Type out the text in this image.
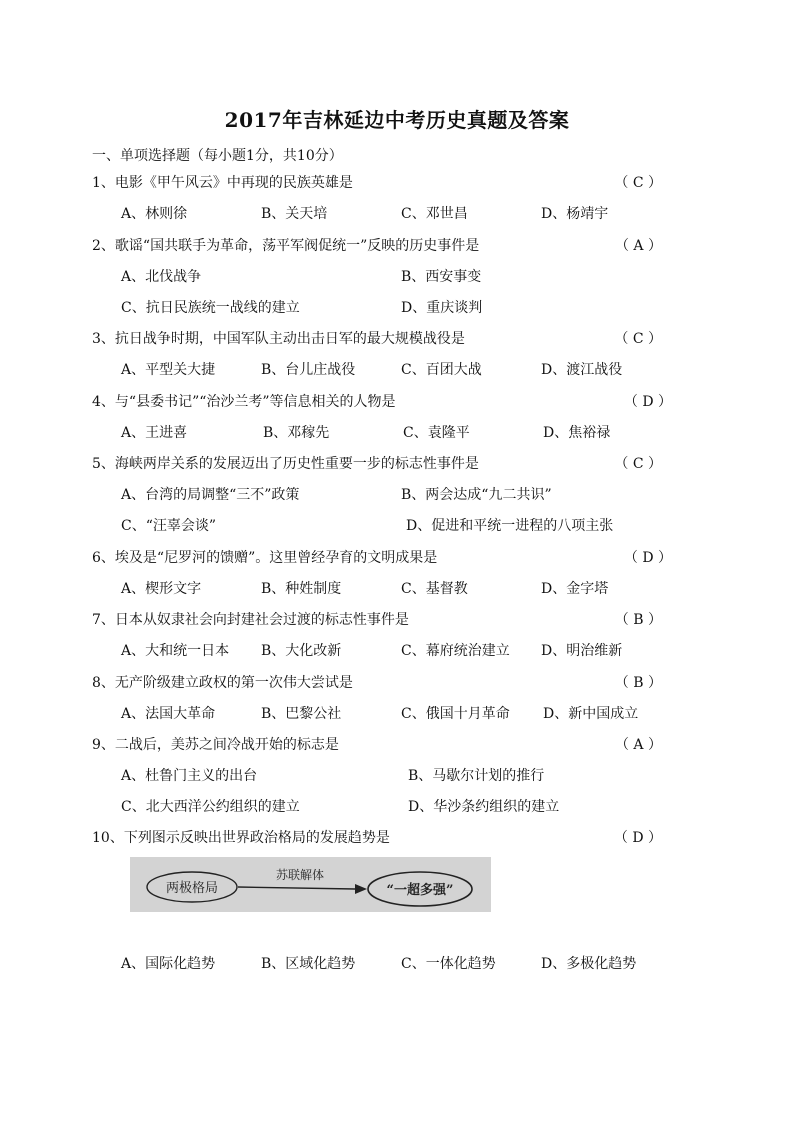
2017年吉林延边中考历史真题及答案
一、单项选择题（每小题1分，共10分）
1、电影《甲午风云》中再现的民族英雄是	（ C ）
A、林则徐	B、关天培	C、邓世昌	D、杨靖宇
2、歌谣“国共联手为革命，荡平军阀促统一”反映的历史事件是	（ A ）
A、北伐战争	B、西安事变
C、抗日民族统一战线的建立	D、重庆谈判
3、抗日战争时期，中国军队主动出击日军的最大规模战役是	（ C ）
A、平型关大捷	B、台儿庄战役	C、百团大战	D、渡江战役
4、与“县委书记”“治沙兰考”等信息相关的人物是	（ D ）
A、王进喜	B、邓稼先	C、袁隆平	D、焦裕禄
5、海峡两岸关系的发展迈出了历史性重要一步的标志性事件是	（ C ）
A、台湾的局调整“三不”政策	B、两会达成“九二共识”
C、“汪辜会谈”	D、促进和平统一进程的八项主张
6、埃及是“尼罗河的馈赠”。这里曾经孕育的文明成果是	（ D ）
A、楔形文字	B、种姓制度	C、基督教	D、金字塔
7、日本从奴隶社会向封建社会过渡的标志性事件是	（ B ）
A、大和统一日本 B、大化改新	C、幕府统治建立 D、明治维新
8、无产阶级建立政权的第一次伟大尝试是	（ B ）
A、法国大革命	B、巴黎公社	C、俄国十月革命 D、新中国成立
9、二战后，美苏之间冷战开始的标志是	（ A ）
A、杜鲁门主义的出台	B、马歇尔计划的推行
C、北大西洋公约组织的建立	D、华沙条约组织的建立
10、下列图示反映出世界政治格局的发展趋势是	（ D ）
两极格局
苏联解体
“一超多强”
A、国际化趋势	B、区域化趋势	C、一体化趋势	D、多极化趋势
